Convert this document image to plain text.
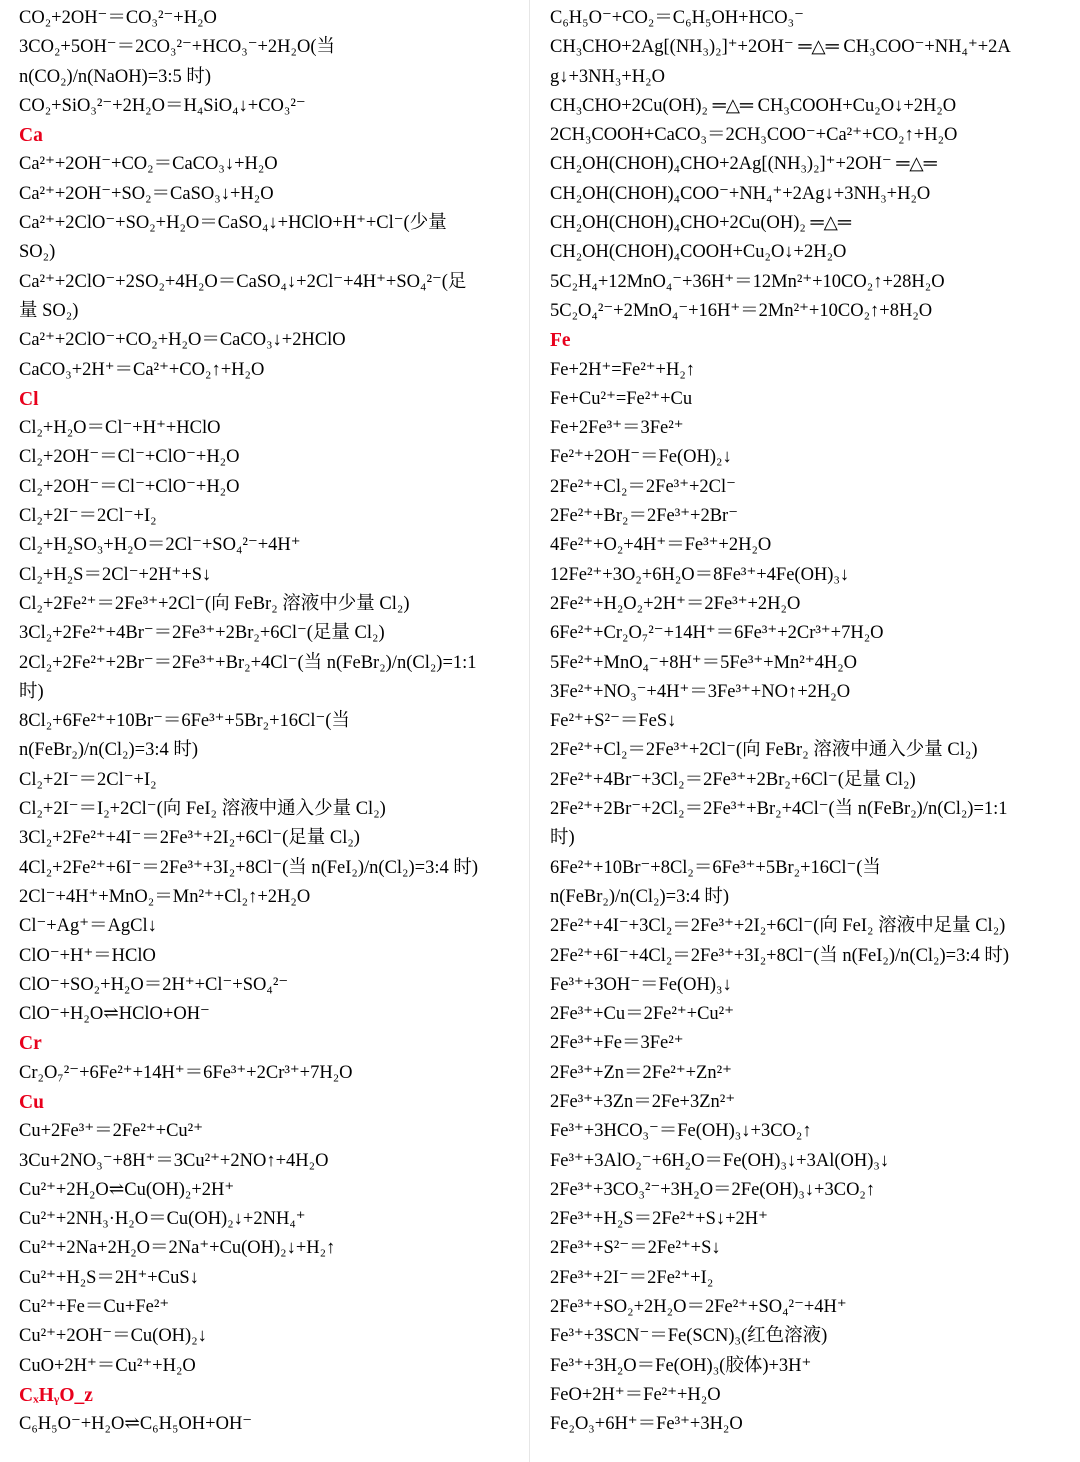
CO₂+2OH⁻＝CO₃²⁻+H₂O
3CO₂+5OH⁻＝2CO₃²⁻+HCO₃⁻+2H₂O(当
n(CO₂)/n(NaOH)=3:5 时)
CO₂+SiO₃²⁻+2H₂O＝H₄SiO₄↓+CO₃²⁻
Ca
Ca²⁺+2OH⁻+CO₂＝CaCO₃↓+H₂O
Ca²⁺+2OH⁻+SO₂＝CaSO₃↓+H₂O
Ca²⁺+2ClO⁻+SO₂+H₂O＝CaSO₄↓+HClO+H⁺+Cl⁻(少量
SO₂)
Ca²⁺+2ClO⁻+2SO₂+4H₂O＝CaSO₄↓+2Cl⁻+4H⁺+SO₄²⁻(足
量 SO₂)
Ca²⁺+2ClO⁻+CO₂+H₂O＝CaCO₃↓+2HClO
CaCO₃+2H⁺＝Ca²⁺+CO₂↑+H₂O
Cl
Cl₂+H₂O＝Cl⁻+H⁺+HClO
Cl₂+2OH⁻＝Cl⁻+ClO⁻+H₂O
Cl₂+2OH⁻＝Cl⁻+ClO⁻+H₂O
Cl₂+2I⁻＝2Cl⁻+I₂
Cl₂+H₂SO₃+H₂O＝2Cl⁻+SO₄²⁻+4H⁺
Cl₂+H₂S＝2Cl⁻+2H⁺+S↓
Cl₂+2Fe²⁺＝2Fe³⁺+2Cl⁻(向 FeBr₂ 溶液中少量 Cl₂)
3Cl₂+2Fe²⁺+4Br⁻＝2Fe³⁺+2Br₂+6Cl⁻(足量 Cl₂)
2Cl₂+2Fe²⁺+2Br⁻＝2Fe³⁺+Br₂+4Cl⁻(当 n(FeBr₂)/n(Cl₂)=1:1
时)
8Cl₂+6Fe²⁺+10Br⁻＝6Fe³⁺+5Br₂+16Cl⁻(当
n(FeBr₂)/n(Cl₂)=3:4 时)
Cl₂+2I⁻＝2Cl⁻+I₂
Cl₂+2I⁻＝I₂+2Cl⁻(向 FeI₂ 溶液中通入少量 Cl₂)
3Cl₂+2Fe²⁺+4I⁻＝2Fe³⁺+2I₂+6Cl⁻(足量 Cl₂)
4Cl₂+2Fe²⁺+6I⁻＝2Fe³⁺+3I₂+8Cl⁻(当 n(FeI₂)/n(Cl₂)=3:4 时)
2Cl⁻+4H⁺+MnO₂＝Mn²⁺+Cl₂↑+2H₂O
Cl⁻+Ag⁺＝AgCl↓
ClO⁻+H⁺＝HClO
ClO⁻+SO₂+H₂O＝2H⁺+Cl⁻+SO₄²⁻
ClO⁻+H₂O⇌HClO+OH⁻
Cr
Cr₂O₇²⁻+6Fe²⁺+14H⁺＝6Fe³⁺+2Cr³⁺+7H₂O
Cu
Cu+2Fe³⁺＝2Fe²⁺+Cu²⁺
3Cu+2NO₃⁻+8H⁺＝3Cu²⁺+2NO↑+4H₂O
Cu²⁺+2H₂O⇌Cu(OH)₂+2H⁺
Cu²⁺+2NH₃·H₂O＝Cu(OH)₂↓+2NH₄⁺
Cu²⁺+2Na+2H₂O＝2Na⁺+Cu(OH)₂↓+H₂↑
Cu²⁺+H₂S＝2H⁺+CuS↓
Cu²⁺+Fe＝Cu+Fe²⁺
Cu²⁺+2OH⁻＝Cu(OH)₂↓
CuO+2H⁺＝Cu²⁺+H₂O
CₓHᵧO_z
C₆H₅O⁻+H₂O⇌C₆H₅OH+OH⁻
C₆H₅O⁻+CO₂＝C₆H₅OH+HCO₃⁻
CH₃CHO+2Ag[(NH₃)₂]⁺+2OH⁻ ═△═ CH₃COO⁻+NH₄⁺+2A
g↓+3NH₃+H₂O
CH₃CHO+2Cu(OH)₂ ═△═ CH₃COOH+Cu₂O↓+2H₂O
2CH₃COOH+CaCO₃＝2CH₃COO⁻+Ca²⁺+CO₂↑+H₂O
CH₂OH(CHOH)₄CHO+2Ag[(NH₃)₂]⁺+2OH⁻ ═△═
CH₂OH(CHOH)₄COO⁻+NH₄⁺+2Ag↓+3NH₃+H₂O
CH₂OH(CHOH)₄CHO+2Cu(OH)₂ ═△═
CH₂OH(CHOH)₄COOH+Cu₂O↓+2H₂O
5C₂H₄+12MnO₄⁻+36H⁺＝12Mn²⁺+10CO₂↑+28H₂O
5C₂O₄²⁻+2MnO₄⁻+16H⁺＝2Mn²⁺+10CO₂↑+8H₂O
Fe
Fe+2H⁺=Fe²⁺+H₂↑
Fe+Cu²⁺=Fe²⁺+Cu
Fe+2Fe³⁺＝3Fe²⁺
Fe²⁺+2OH⁻＝Fe(OH)₂↓
2Fe²⁺+Cl₂＝2Fe³⁺+2Cl⁻
2Fe²⁺+Br₂＝2Fe³⁺+2Br⁻
4Fe²⁺+O₂+4H⁺＝Fe³⁺+2H₂O
12Fe²⁺+3O₂+6H₂O＝8Fe³⁺+4Fe(OH)₃↓
2Fe²⁺+H₂O₂+2H⁺＝2Fe³⁺+2H₂O
6Fe²⁺+Cr₂O₇²⁻+14H⁺＝6Fe³⁺+2Cr³⁺+7H₂O
5Fe²⁺+MnO₄⁻+8H⁺＝5Fe³⁺+Mn²⁺4H₂O
3Fe²⁺+NO₃⁻+4H⁺＝3Fe³⁺+NO↑+2H₂O
Fe²⁺+S²⁻＝FeS↓
2Fe²⁺+Cl₂＝2Fe³⁺+2Cl⁻(向 FeBr₂ 溶液中通入少量 Cl₂)
2Fe²⁺+4Br⁻+3Cl₂＝2Fe³⁺+2Br₂+6Cl⁻(足量 Cl₂)
2Fe²⁺+2Br⁻+2Cl₂＝2Fe³⁺+Br₂+4Cl⁻(当 n(FeBr₂)/n(Cl₂)=1:1
时)
6Fe²⁺+10Br⁻+8Cl₂＝6Fe³⁺+5Br₂+16Cl⁻(当
n(FeBr₂)/n(Cl₂)=3:4 时)
2Fe²⁺+4I⁻+3Cl₂＝2Fe³⁺+2I₂+6Cl⁻(向 FeI₂ 溶液中足量 Cl₂)
2Fe²⁺+6I⁻+4Cl₂＝2Fe³⁺+3I₂+8Cl⁻(当 n(FeI₂)/n(Cl₂)=3:4 时)
Fe³⁺+3OH⁻＝Fe(OH)₃↓
2Fe³⁺+Cu＝2Fe²⁺+Cu²⁺
2Fe³⁺+Fe＝3Fe²⁺
2Fe³⁺+Zn＝2Fe²⁺+Zn²⁺
2Fe³⁺+3Zn＝2Fe+3Zn²⁺
Fe³⁺+3HCO₃⁻＝Fe(OH)₃↓+3CO₂↑
Fe³⁺+3AlO₂⁻+6H₂O＝Fe(OH)₃↓+3Al(OH)₃↓
2Fe³⁺+3CO₃²⁻+3H₂O＝2Fe(OH)₃↓+3CO₂↑
2Fe³⁺+H₂S＝2Fe²⁺+S↓+2H⁺
2Fe³⁺+S²⁻＝2Fe²⁺+S↓
2Fe³⁺+2I⁻＝2Fe²⁺+I₂
2Fe³⁺+SO₂+2H₂O＝2Fe²⁺+SO₄²⁻+4H⁺
Fe³⁺+3SCN⁻＝Fe(SCN)₃(红色溶液)
Fe³⁺+3H₂O＝Fe(OH)₃(胶体)+3H⁺
FeO+2H⁺＝Fe²⁺+H₂O
Fe₂O₃+6H⁺＝Fe³⁺+3H₂O
